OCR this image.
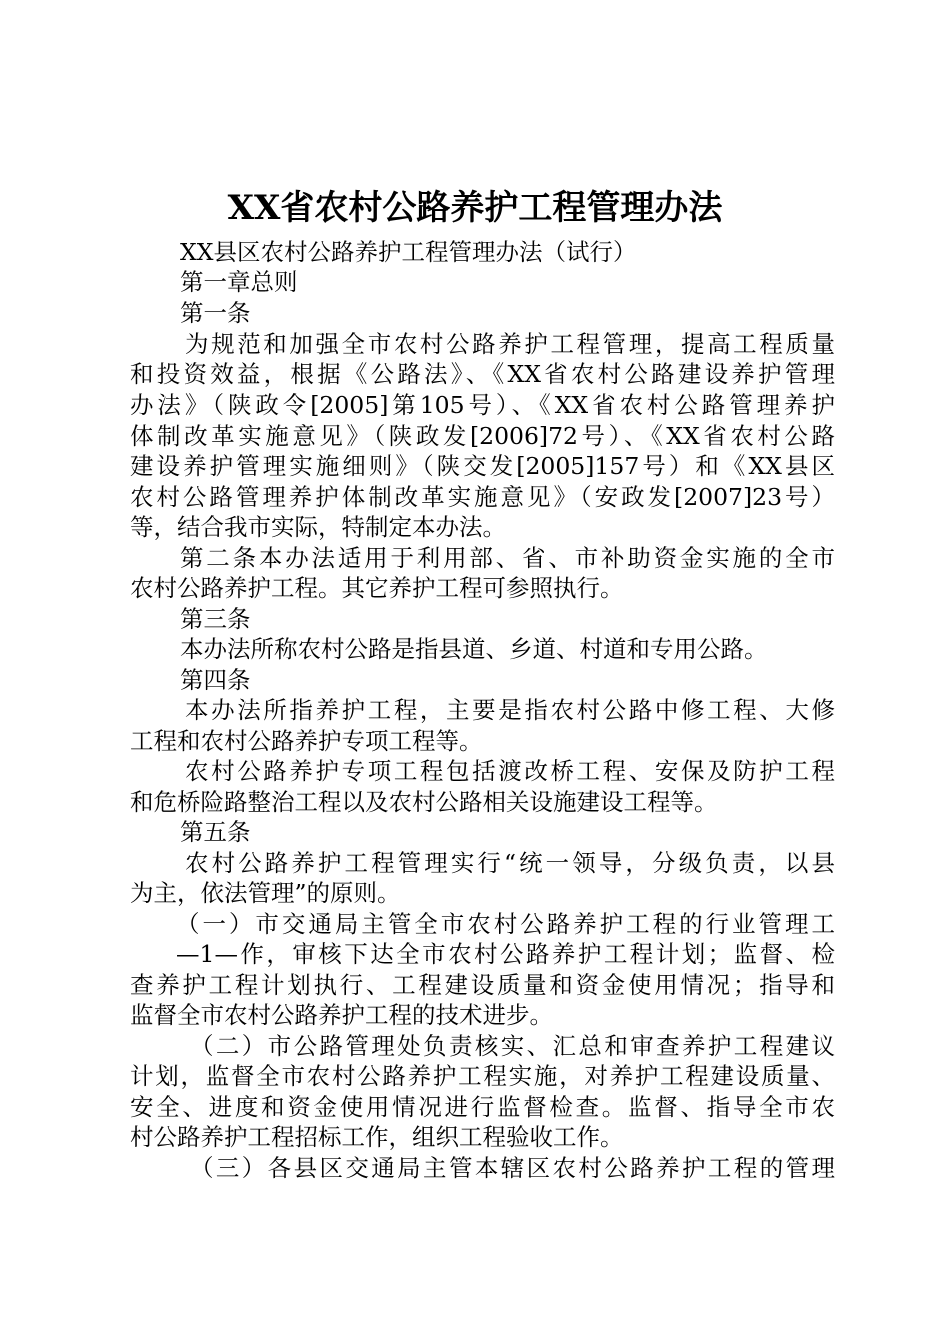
XX省农村公路养护工程管理办法

XX县区农村公路养护工程管理办法（试行）

第一章总则

第一条

为规范和加强全市农村公路养护工程管理，提高工程质量

和投资效益，根据《公路法》、《XX省农村公路建设养护管理

办法》（陕政令[2005]第105号）、《XX省农村公路管理养护

体制改革实施意见》（陕政发[2006]72号）、《XX省农村公路

建设养护管理实施细则》（陕交发[2005]157号）和《XX县区

农村公路管理养护体制改革实施意见》（安政发[2007]23号）

等，结合我市实际，特制定本办法。

第二条本办法适用于利用部、省、市补助资金实施的全市

农村公路养护工程。其它养护工程可参照执行。

第三条

本办法所称农村公路是指县道、乡道、村道和专用公路。

第四条

本办法所指养护工程，主要是指农村公路中修工程、大修

工程和农村公路养护专项工程等。

农村公路养护专项工程包括渡改桥工程、安保及防护工程

和危桥险路整治工程以及农村公路相关设施建设工程等。

第五条

农村公路养护工程管理实行“统一领导，分级负责，以县

为主，依法管理”的原则。

（一）市交通局主管全市农村公路养护工程的行业管理工

—1—作，审核下达全市农村公路养护工程计划；监督、检

查养护工程计划执行、工程建设质量和资金使用情况；指导和

监督全市农村公路养护工程的技术进步。

（二）市公路管理处负责核实、汇总和审查养护工程建议

计划，监督全市农村公路养护工程实施，对养护工程建设质量、

安全、进度和资金使用情况进行监督检查。监督、指导全市农

村公路养护工程招标工作，组织工程验收工作。

（三）各县区交通局主管本辖区农村公路养护工程的管理
